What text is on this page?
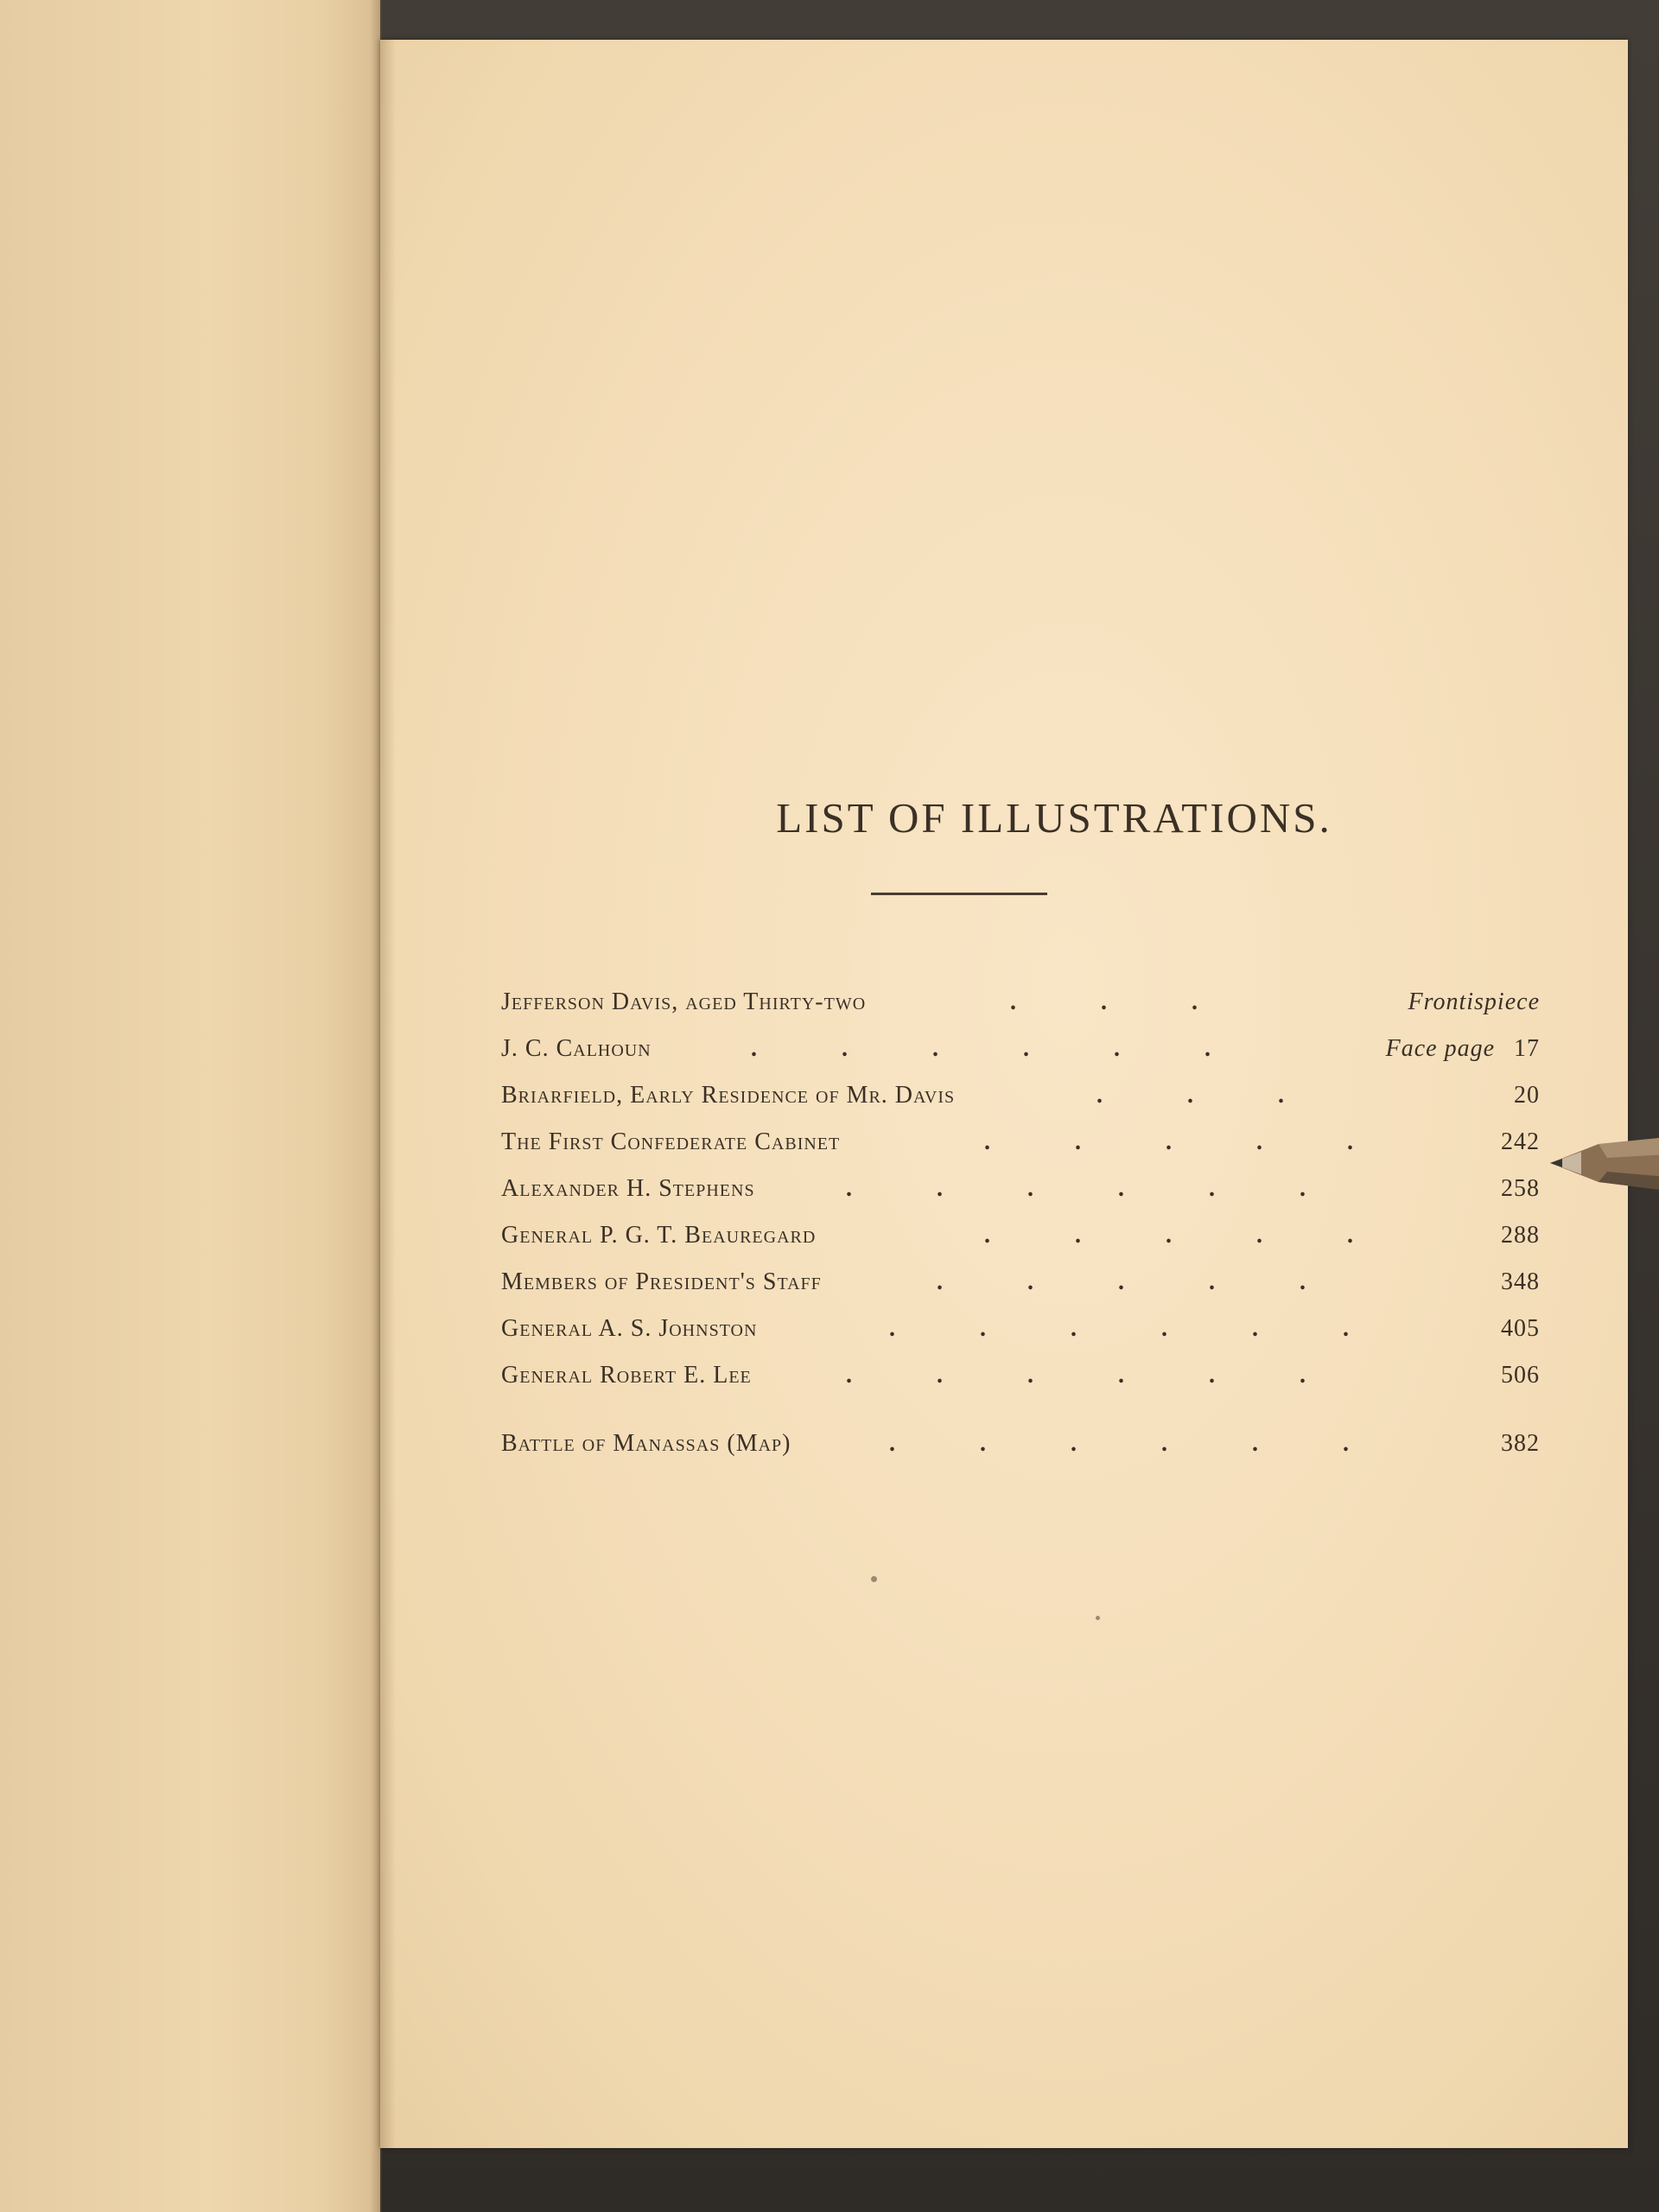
LIST OF ILLUSTRATIONS.
Jefferson Davis, aged Thirty-two	.	.	.	Frontispiece
J. C. Calhoun	.	.	.	.	.	.	Face page 17
Briarfield, Early Residence of Mr. Davis	.	.	.	20
The First Confederate Cabinet	.	.	.	.	.	242
Alexander H. Stephens	.	.	.	.	.	.	258
General P. G. T. Beauregard	.	.	.	.	.	288
Members of President's Staff	.	.	.	.	.	348
General A. S. Johnston	.	.	.	.	.	.	405
General Robert E. Lee	.	.	.	.	.	.	506
Battle of Manassas (Map)	.	.	.	.	.	.	382
